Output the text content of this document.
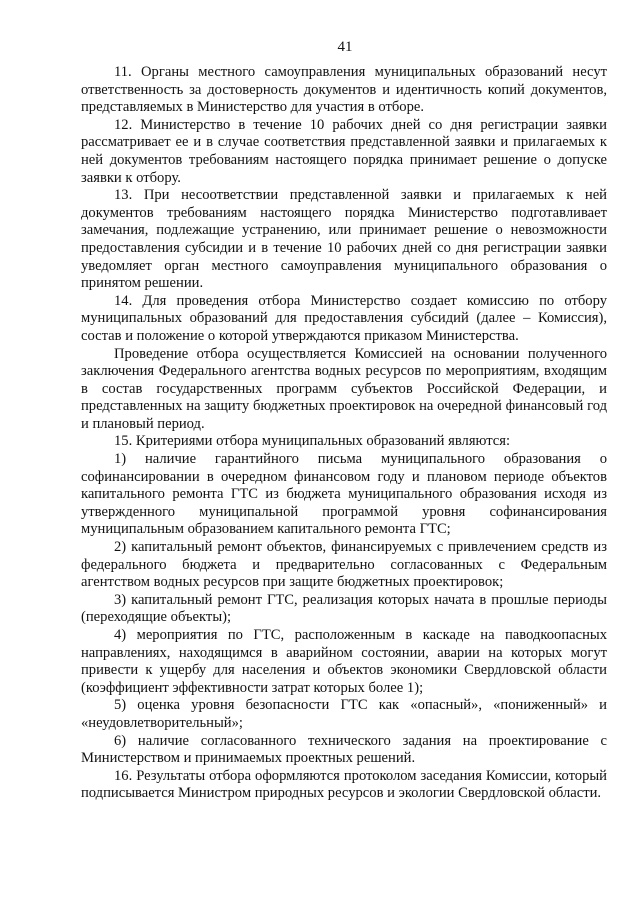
41

11. Органы местного самоуправления муниципальных образований несут ответственность за достоверность документов и идентичность копий документов, представляемых в Министерство для участия в отборе.

12. Министерство в течение 10 рабочих дней со дня регистрации заявки рассматривает ее и в случае соответствия представленной заявки и прилагаемых к ней документов требованиям настоящего порядка принимает решение о допуске заявки к отбору.

13. При несоответствии представленной заявки и прилагаемых к ней документов требованиям настоящего порядка Министерство подготавливает замечания, подлежащие устранению, или принимает решение о невозможности предоставления субсидии и в течение 10 рабочих дней со дня регистрации заявки уведомляет орган местного самоуправления муниципального образования о принятом решении.

14. Для проведения отбора Министерство создает комиссию по отбору муниципальных образований для предоставления субсидий (далее – Комиссия), состав и положение о которой утверждаются приказом Министерства.

Проведение отбора осуществляется Комиссией на основании полученного заключения Федерального агентства водных ресурсов по мероприятиям, входящим в состав государственных программ субъектов Российской Федерации, и представленных на защиту бюджетных проектировок на очередной финансовый год и плановый период.

15. Критериями отбора муниципальных образований являются:

1) наличие гарантийного письма муниципального образования о софинансировании в очередном финансовом году и плановом периоде объектов капитального ремонта ГТС из бюджета муниципального образования исходя из утвержденного муниципальной программой уровня софинансирования муниципальным образованием капитального ремонта ГТС;

2) капитальный ремонт объектов, финансируемых с привлечением средств из федерального бюджета и предварительно согласованных с Федеральным агентством водных ресурсов при защите бюджетных проектировок;

3) капитальный ремонт ГТС, реализация которых начата в прошлые периоды (переходящие объекты);

4) мероприятия по ГТС, расположенным в каскаде на паводкоопасных направлениях, находящимся в аварийном состоянии, аварии на которых могут привести к ущербу для населения и объектов экономики Свердловской области (коэффициент эффективности затрат которых более 1);

5) оценка уровня безопасности ГТС как «опасный», «пониженный» и «неудовлетворительный»;

6) наличие согласованного технического задания на проектирование с Министерством и принимаемых проектных решений.

16. Результаты отбора оформляются протоколом заседания Комиссии, который подписывается Министром природных ресурсов и экологии Свердловской области.
